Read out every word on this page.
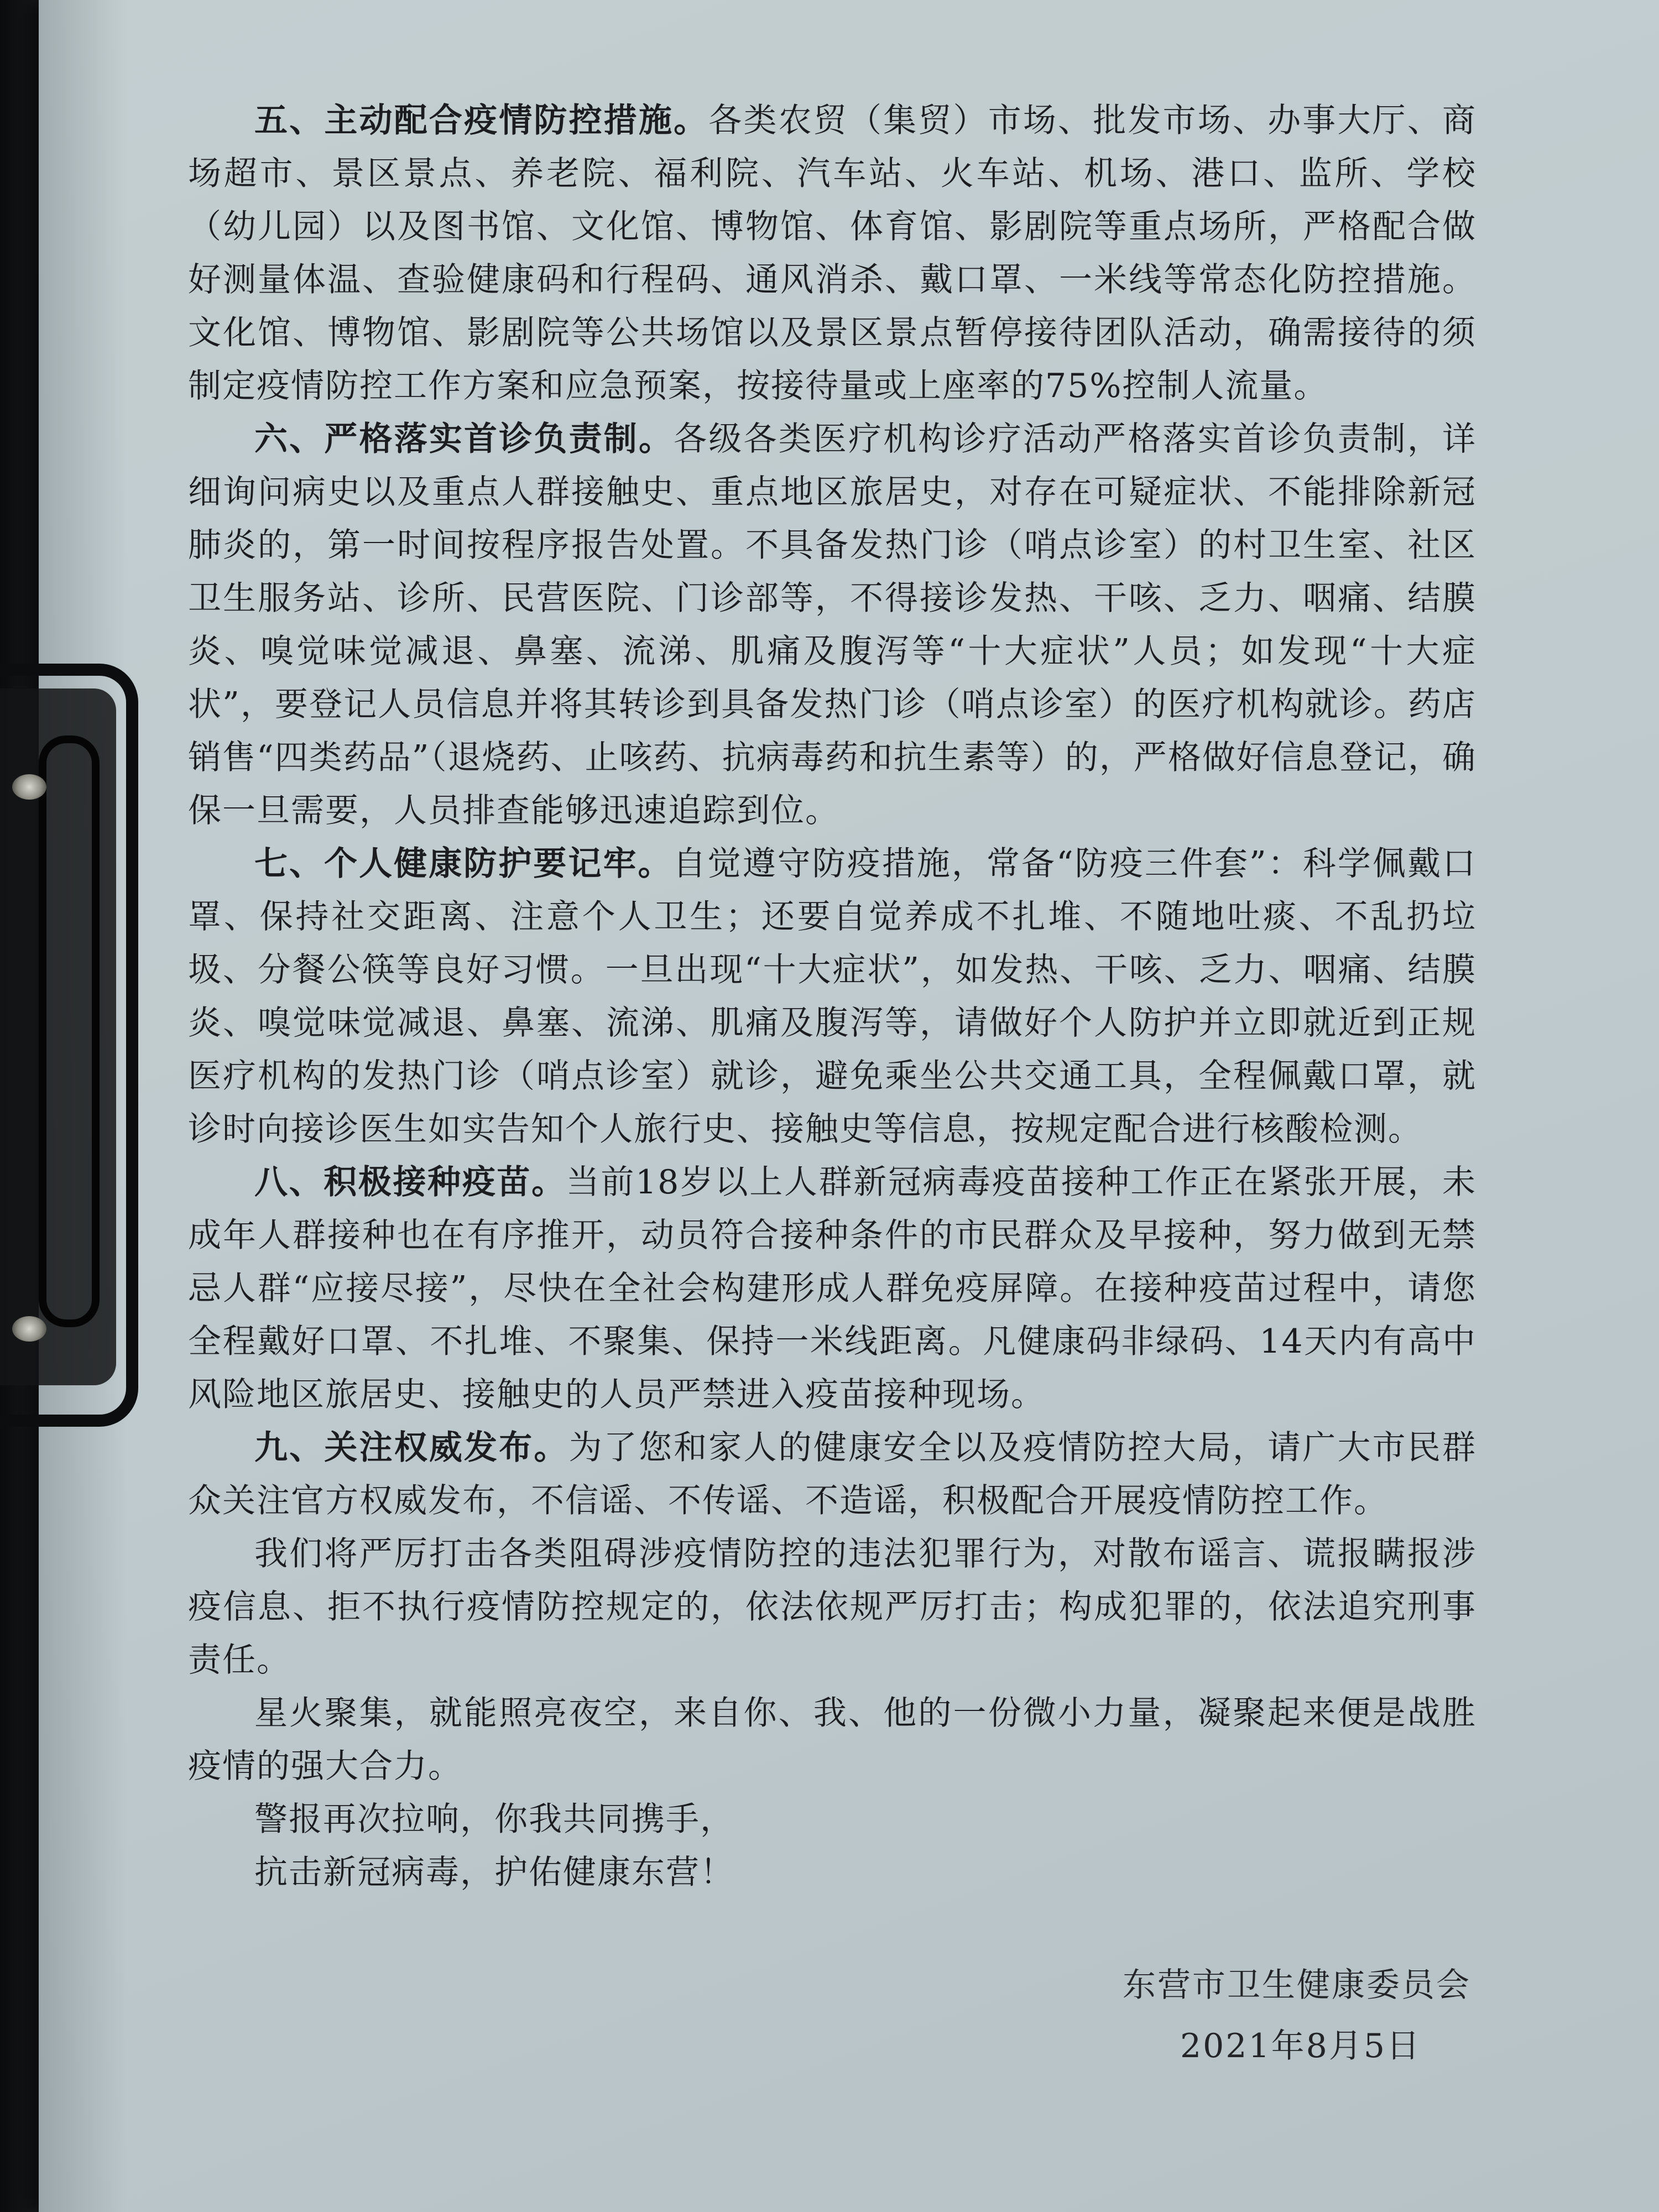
五、主动配合疫情防控措施。各类农贸（集贸）市场、批发市场、办事大厅、商场超市、景区景点、养老院、福利院、汽车站、火车站、机场、港口、监所、学校（幼儿园）以及图书馆、文化馆、博物馆、体育馆、影剧院等重点场所，严格配合做好测量体温、查验健康码和行程码、通风消杀、戴口罩、一米线等常态化防控措施。文化馆、博物馆、影剧院等公共场馆以及景区景点暂停接待团队活动，确需接待的须制定疫情防控工作方案和应急预案，按接待量或上座率的75%控制人流量。

六、严格落实首诊负责制。各级各类医疗机构诊疗活动严格落实首诊负责制，详细询问病史以及重点人群接触史、重点地区旅居史，对存在可疑症状、不能排除新冠肺炎的，第一时间按程序报告处置。不具备发热门诊（哨点诊室）的村卫生室、社区卫生服务站、诊所、民营医院、门诊部等，不得接诊发热、干咳、乏力、咽痛、结膜炎、嗅觉味觉减退、鼻塞、流涕、肌痛及腹泻等“十大症状”人员；如发现“十大症状”，要登记人员信息并将其转诊到具备发热门诊（哨点诊室）的医疗机构就诊。药店销售“四类药品”（退烧药、止咳药、抗病毒药和抗生素等）的，严格做好信息登记，确保一旦需要，人员排查能够迅速追踪到位。

七、个人健康防护要记牢。自觉遵守防疫措施，常备“防疫三件套”：科学佩戴口罩、保持社交距离、注意个人卫生；还要自觉养成不扎堆、不随地吐痰、不乱扔垃圾、分餐公筷等良好习惯。一旦出现“十大症状”，如发热、干咳、乏力、咽痛、结膜炎、嗅觉味觉减退、鼻塞、流涕、肌痛及腹泻等，请做好个人防护并立即就近到正规医疗机构的发热门诊（哨点诊室）就诊，避免乘坐公共交通工具，全程佩戴口罩，就诊时向接诊医生如实告知个人旅行史、接触史等信息，按规定配合进行核酸检测。

八、积极接种疫苗。当前18岁以上人群新冠病毒疫苗接种工作正在紧张开展，未成年人群接种也在有序推开，动员符合接种条件的市民群众及早接种，努力做到无禁忌人群“应接尽接”，尽快在全社会构建形成人群免疫屏障。在接种疫苗过程中，请您全程戴好口罩、不扎堆、不聚集、保持一米线距离。凡健康码非绿码、14天内有高中风险地区旅居史、接触史的人员严禁进入疫苗接种现场。

九、关注权威发布。为了您和家人的健康安全以及疫情防控大局，请广大市民群众关注官方权威发布，不信谣、不传谣、不造谣，积极配合开展疫情防控工作。

我们将严厉打击各类阻碍涉疫情防控的违法犯罪行为，对散布谣言、谎报瞒报涉疫信息、拒不执行疫情防控规定的，依法依规严厉打击；构成犯罪的，依法追究刑事责任。

星火聚集，就能照亮夜空，来自你、我、他的一份微小力量，凝聚起来便是战胜疫情的强大合力。

警报再次拉响，你我共同携手，

抗击新冠病毒，护佑健康东营！

东营市卫生健康委员会
2021年8月5日
